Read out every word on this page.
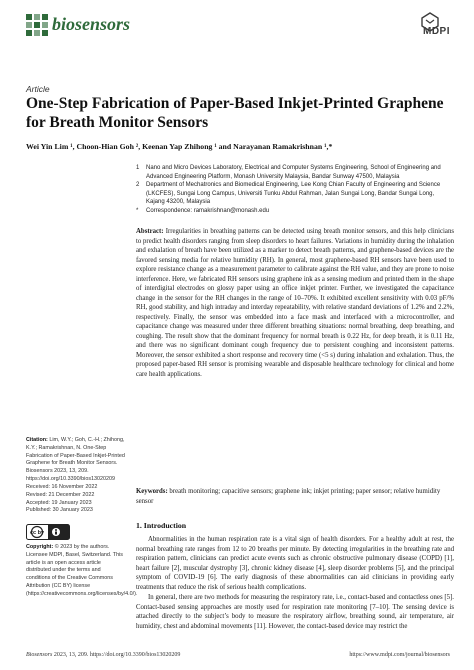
biosensors	MDPI
Article
One-Step Fabrication of Paper-Based Inkjet-Printed Graphene for Breath Monitor Sensors
Wei Yin Lim ¹, Choon-Hian Goh ², Keenan Yap Zhihong ¹ and Narayanan Ramakrishnan ¹,*
1 Nano and Micro Devices Laboratory, Electrical and Computer Systems Engineering, School of Engineering and Advanced Engineering Platform, Monash University Malaysia, Bandar Sunway 47500, Malaysia
2 Department of Mechatronics and Biomedical Engineering, Lee Kong Chian Faculty of Engineering and Science (LKCFES), Sungai Long Campus, Universiti Tunku Abdul Rahman, Jalan Sungai Long, Bandar Sungai Long, Kajang 43200, Malaysia
* Correspondence: ramakrishnan@monash.edu
Abstract: Irregularities in breathing patterns can be detected using breath monitor sensors, and this help clinicians to predict health disorders ranging from sleep disorders to heart failures. Variations in humidity during the inhalation and exhalation of breath have been utilized as a marker to detect breath patterns, and graphene-based devices are the favored sensing media for relative humidity (RH). In general, most graphene-based RH sensors have been used to explore resistance change as a measurement parameter to calibrate against the RH value, and they are prone to noise interference. Here, we fabricated RH sensors using graphene ink as a sensing medium and printed them in the shape of interdigital electrodes on glossy paper using an office inkjet printer. Further, we investigated the capacitance change in the sensor for the RH changes in the range of 10–70%. It exhibited excellent sensitivity with 0.03 pF/% RH, good stability, and high intraday and interday repeatability, with relative standard deviations of 1.2% and 2.2%, respectively. Finally, the sensor was embedded into a face mask and interfaced with a microcontroller, and capacitance change was measured under three different breathing situations: normal breathing, deep breathing, and coughing. The result show that the dominant frequency for normal breath is 0.22 Hz, for deep breath, it is 0.11 Hz, and there was no significant dominant cough frequency due to persistent coughing and inconsistent patterns. Moreover, the sensor exhibited a short response and recovery time (<5 s) during inhalation and exhalation. Thus, the proposed paper-based RH sensor is promising wearable and disposable healthcare technology for clinical and home care health applications.
Keywords: breath monitoring; capacitive sensors; graphene ink; inkjet printing; paper sensor; relative humidity sensor
Citation: Lim, W.Y.; Goh, C.-H.; Zhihong, K.Y.; Ramakrishnan, N. One-Step Fabrication of Paper-Based Inkjet-Printed Graphene for Breath Monitor Sensors. Biosensors 2023, 13, 209. https://doi.org/10.3390/bios13020209
Received: 16 November 2022
Revised: 21 December 2022
Accepted: 19 January 2023
Published: 30 January 2023
cc by
Copyright: © 2023 by the authors. Licensee MDPI, Basel, Switzerland. This article is an open access article distributed under the terms and conditions of the Creative Commons Attribution (CC BY) license (https://creativecommons.org/licenses/by/4.0/).
1. Introduction

Abnormalities in the human respiration rate is a vital sign of health disorders. For a healthy adult at rest, the normal breathing rate ranges from 12 to 20 breaths per minute. By detecting irregularities in the breathing rate and respiration pattern, clinicians can predict acute events such as chronic obstructive pulmonary disease (COPD) [1], heart failure [2], muscular dystrophy [3], chronic kidney disease [4], sleep disorder problems [5], and the principal symptom of COVID-19 [6]. The early diagnosis of these abnormalities can aid clinicians in providing early treatments that reduce the risk of serious health complications.

In general, there are two methods for measuring the respiratory rate, i.e., contact-based and contactless ones [5]. Contact-based sensing approaches are mostly used for respiration rate monitoring [7–10]. The sensing device is attached directly to the subject’s body to measure the respiratory airflow, breathing sound, air temperature, air humidity, chest and abdominal movements [11]. However, the contact-based device may restrict the

Biosensors 2023, 13, 209. https://doi.org/10.3390/bios13020209	https://www.mdpi.com/journal/biosensors
